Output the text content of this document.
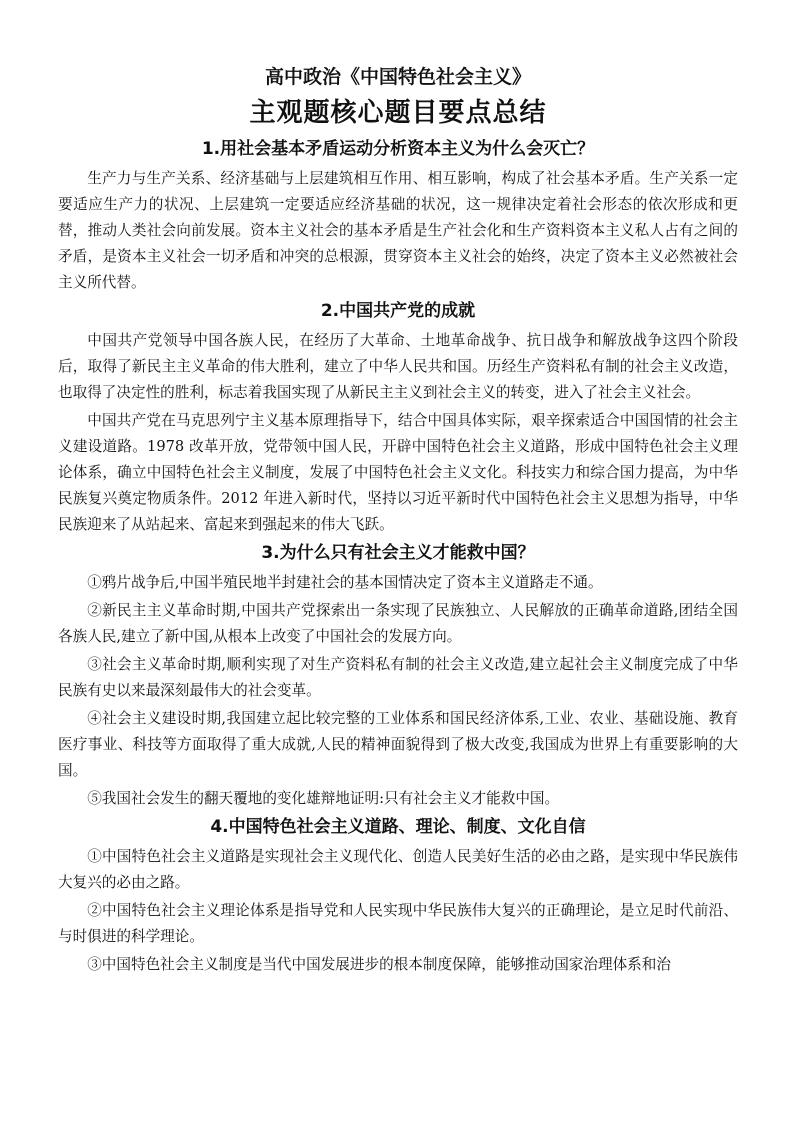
高中政治《中国特色社会主义》
主观题核心题目要点总结
1.用社会基本矛盾运动分析资本主义为什么会灭亡？

生产力与生产关系、经济基础与上层建筑相互作用、相互影响，构成了社会基本矛盾。生产关系一定要适应生产力的状况、上层建筑一定要适应经济基础的状况，这一规律决定着社会形态的依次形成和更替，推动人类社会向前发展。资本主义社会的基本矛盾是生产社会化和生产资料资本主义私人占有之间的矛盾，是资本主义社会一切矛盾和冲突的总根源，贯穿资本主义社会的始终，决定了资本主义必然被社会主义所代替。

2.中国共产党的成就

中国共产党领导中国各族人民，在经历了大革命、土地革命战争、抗日战争和解放战争这四个阶段后，取得了新民主主义革命的伟大胜利，建立了中华人民共和国。历经生产资料私有制的社会主义改造，也取得了决定性的胜利，标志着我国实现了从新民主主义到社会主义的转变，进入了社会主义社会。

中国共产党在马克思列宁主义基本原理指导下，结合中国具体实际，艰辛探索适合中国国情的社会主义建设道路。1978 改革开放，党带领中国人民，开辟中国特色社会主义道路，形成中国特色社会主义理论体系，确立中国特色社会主义制度，发展了中国特色社会主义文化。科技实力和综合国力提高，为中华民族复兴奠定物质条件。2012 年进入新时代，坚持以习近平新时代中国特色社会主义思想为指导，中华民族迎来了从站起来、富起来到强起来的伟大飞跃。

3.为什么只有社会主义才能救中国？

①鸦片战争后,中国半殖民地半封建社会的基本国情决定了资本主义道路走不通。

②新民主主义革命时期,中国共产党探索出一条实现了民族独立、人民解放的正确革命道路,团结全国各族人民,建立了新中国,从根本上改变了中国社会的发展方向。

③社会主义革命时期,顺利实现了对生产资料私有制的社会主义改造,建立起社会主义制度完成了中华民族有史以来最深刻最伟大的社会变革。

④社会主义建设时期,我国建立起比较完整的工业体系和国民经济体系,工业、农业、基础设施、教育医疗事业、科技等方面取得了重大成就,人民的精神面貌得到了极大改变,我国成为世界上有重要影响的大国。

⑤我国社会发生的翻天覆地的变化雄辩地证明:只有社会主义才能救中国。

4.中国特色社会主义道路、理论、制度、文化自信

①中国特色社会主义道路是实现社会主义现代化、创造人民美好生活的必由之路，是实现中华民族伟大复兴的必由之路。

②中国特色社会主义理论体系是指导党和人民实现中华民族伟大复兴的正确理论，是立足时代前沿、与时俱进的科学理论。

③中国特色社会主义制度是当代中国发展进步的根本制度保障，能够推动国家治理体系和治
